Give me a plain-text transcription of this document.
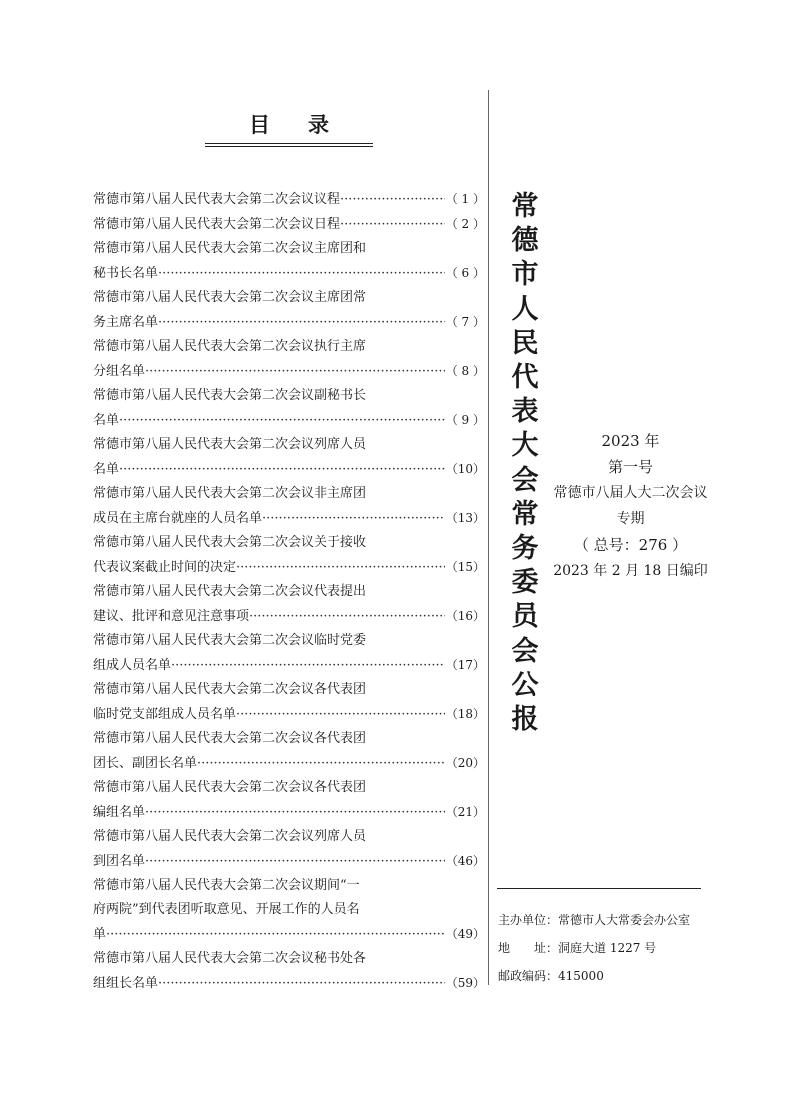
目录
常德市第八届人民代表大会第二次会议议程 ·····	（ 1 ）
常德市第八届人民代表大会第二次会议日程 ·····	（ 2 ）
常德市第八届人民代表大会第二次会议主席团和
秘书长名单 ·····	（ 6 ）
常德市第八届人民代表大会第二次会议主席团常
务主席名单 ·····	（ 7 ）
常德市第八届人民代表大会第二次会议执行主席
分组名单 ·····	（ 8 ）
常德市第八届人民代表大会第二次会议副秘书长
名单 ·····	（ 9 ）
常德市第八届人民代表大会第二次会议列席人员
名单 ·····	（10）
常德市第八届人民代表大会第二次会议非主席团
成员在主席台就座的人员名单 ·····	（13）
常德市第八届人民代表大会第二次会议关于接收
代表议案截止时间的决定 ·····	（15）
常德市第八届人民代表大会第二次会议代表提出
建议、批评和意见注意事项 ·····	（16）
常德市第八届人民代表大会第二次会议临时党委
组成人员名单 ·····	（17）
常德市第八届人民代表大会第二次会议各代表团
临时党支部组成人员名单 ·····	（18）
常德市第八届人民代表大会第二次会议各代表团
团长、副团长名单 ·····	（20）
常德市第八届人民代表大会第二次会议各代表团
编组名单 ·····	（21）
常德市第八届人民代表大会第二次会议列席人员
到团名单 ·····	（46）
常德市第八届人民代表大会第二次会议期间“一
府两院”到代表团听取意见、开展工作的人员名
单 ·····	（49）
常德市第八届人民代表大会第二次会议秘书处各
组组长名单 ·····	（59）
常德市人民代表大会常务委员会公报
2023 年
第一号
常德市八届人大二次会议专期
（ 总号：276 ）
2023 年 2 月 18 日编印
主办单位： 常德市人大常委会办公室
地　　址： 洞庭大道 1227 号
邮政编码： 415000
